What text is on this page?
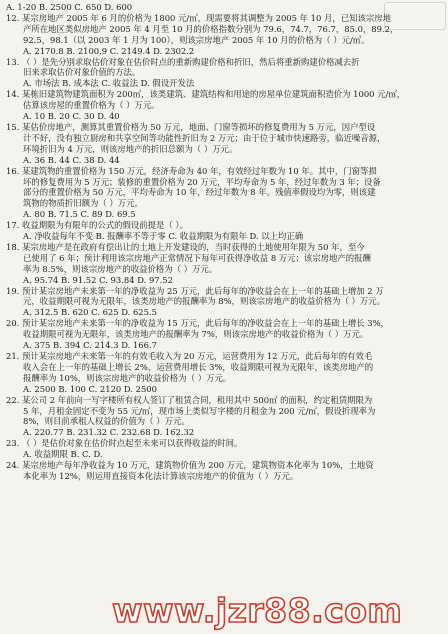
A. 1-20 B. 2500 C. 650 D. 600
12. 某宗房地产 2005 年 6 月的价格为 1800 元/㎡，现需要将其调整为 2005 年 10 月，已知该宗房地
产所在地区类似房地产 2005 年 4 月至 10 月的价格指数分别为 79.6，74.7，76.7，85.0，89.2，
92.5，98.1（以 2003 年 1 月为 100），则该宗房地产 2005 年 10 月的价格为（ ）元/㎡。
A. 2170.8 B. 2100.9 C. 2149.4 D. 2302.2
13. （ ）是先分别求取估价对象在估价时点的重新购建价格和折旧，然后将重新购建价格减去折
旧来求取估价对象价值的方法。
A. 市场法 B. 成本法 C. 收益法 D. 假设开发法
14. 某栋旧建筑物建筑面积为 200㎡，该类建筑、建筑结构和用途的房屋单位建筑面积造价为 1000 元/㎡，
估算该房屋的重置价格为（ ）万元。
A. 10 B. 20 C. 30 D. 40
15. 某估价房地产，测算其重置价格为 50 万元，地面、门窗等损坏的修复费用为 5 万元，因户型设
计不好，没有独立厨房和共享空间等功能性折旧为 2 万元；由于位于城市快速路旁，临近噪音源，
环境折旧为 4 万元，则该房地产的折旧总额为（ ）万元。
A. 36 B. 44 C. 38 D. 44
16. 某建筑物的重置价格为 150 万元，经济寿命为 40 年，有效经过年数为 10 年。其中，门窗等损
坏的修复费用为 5 万元；装修的重置价格为 20 万元，平均寿命为 5 年，经过年数为 3 年；设备
部分的重置价格为 50 万元，平均寿命为 10 年，经过年数为 8 年。残值率假设均为零，则该建
筑物的物质折旧额为（ ）万元。
A. 80 B. 71.5 C. 89 D. 69.5
17. 收益期限为有限年的公式的假设前提是（ ）。
A. 净收益每年不变 B. 报酬率不等于零 C. 收益期限为有限年 D. 以上均正确
18. 某宗房地产是在政府有偿出让的土地上开发建设的，当时获得的土地使用年限为 50 年，至今
已使用了 6 年；预计利用该宗房地产正常情况下每年可获得净收益 8 万元；该宗房地产的报酬
率为 8.5%，则该宗房地产的收益价格为（ ）万元。
A. 95.74 B. 91.52 C. 93.84 D. 97.52
19. 预计某宗房地产未来第一年的净收益为 25 万元，此后每年的净收益会在上一年的基础上增加 2 万
元，收益期限可视为无限年，该类房地产的报酬率为 8%，则该宗房地产的收益价格为（ ）万元。
A. 312.5 B. 620 C. 625 D. 625.5
20. 预计某宗房地产未来第一年的净收益为 15 万元，此后每年的净收益会在上一年的基础上增长 3%，
收益期限可视为无限年，该类房地产的报酬率为 7%，则该宗房地产的收益价格为（ ）万元。
A. 375 B. 394 C. 214.3 D. 166.7
21. 预计某宗房地产未来第一年的有效毛收入为 20 万元，运营费用为 12 万元，此后每年的有效毛
收入会在上一年的基础上增长 2%，运营费用增长 3%，收益期限可视为无限年，该类房地产的
报酬率为 10%，则该宗房地产的收益价格为（ ）万元。
A. 2500 B. 100 C. 2120 D. 2500
22. 某公司 2 年前向一写字楼所有权人签订了租赁合同，租用其中 500㎡ 的面积，约定租赁期限为
5 年，月租金固定不变为 55 元/㎡，现市场上类似写字楼的月租金为 200 元/㎡，假设折现率为
8%，则目前承租人权益的价值为（ ）万元。
A. 220.77 B. 231.32 C. 232.68 D. 162.32
23. （ ）是估价对象在估价时点起至未来可以获得收益的时间。
A. 收益期限 B. C. D.
24. 某宗房地产每年净收益为 10 万元，建筑物价值为 200 万元，建筑物资本化率为 10%，土地资
本化率为 12%，则运用直接资本化法计算该宗房地产的价值为（ ）万元。
www.jzr88.com
